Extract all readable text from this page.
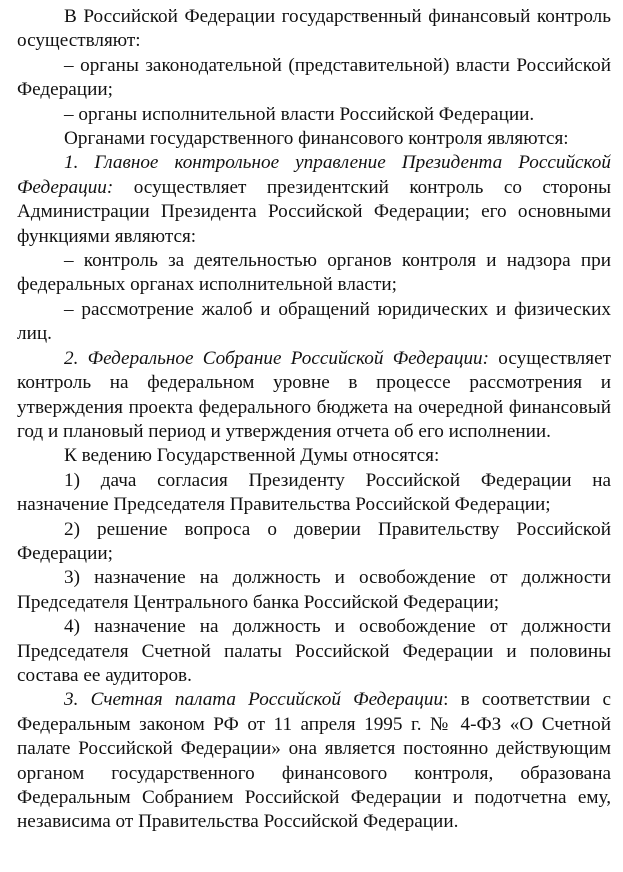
В Российской Федерации государственный финансовый контроль осуществляют:

– органы законодательной (представительной) власти Российской Федерации;

– органы исполнительной власти Российской Федерации.

Органами государственного финансового контроля являются:

1. Главное контрольное управление Президента Российской Федерации: осуществляет президентский контроль со стороны Администрации Президента Российской Федерации; его основными функциями являются:

– контроль за деятельностью органов контроля и надзора при федеральных органах исполнительной власти;

– рассмотрение жалоб и обращений юридических и физических лиц.

2. Федеральное Собрание Российской Федерации: осуществляет контроль на федеральном уровне в процессе рассмотрения и утверждения проекта федерального бюджета на очередной финансовый год и плановый период и утверждения отчета об его исполнении.

К ведению Государственной Думы относятся:

1) дача согласия Президенту Российской Федерации на назначение Председателя Правительства Российской Федерации;

2) решение вопроса о доверии Правительству Российской Федерации;

3) назначение на должность и освобождение от должности Председателя Центрального банка Российской Федерации;

4) назначение на должность и освобождение от должности Председателя Счетной палаты Российской Федерации и половины состава ее аудиторов.

3. Счетная палата Российской Федерации: в соответствии с Федеральным законом РФ от 11 апреля 1995 г. № 4-ФЗ «О Счетной палате Российской Федерации» она является постоянно действующим органом государственного финансового контроля, образована Федеральным Собранием Российской Федерации и подотчетна ему, независима от Правительства Российской Федерации.
